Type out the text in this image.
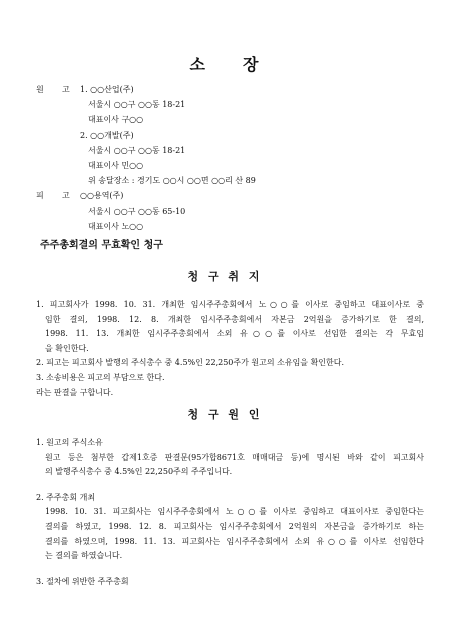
소 장
원 고	1. ○○산업(주)
서울시 ○○구 ○○동 18-21
대표이사 구○○
2. ○○개발(주)
서울시 ○○구 ○○동 18-21
대표이사 민○○
위 송달장소 : 경기도 ○○시 ○○면 ○○리 산 89
피 고	○○용역(주)
서울시 ○○구 ○○동 65-10
대표이사 노○○
주주총회결의 무효확인 청구
청 구 취 지
1. 피고회사가 1998. 10. 31. 개최한 임시주주총회에서 노○○를 이사로 중임하고 대표이사로 중
임한 결의, 1998. 12. 8. 개최한 임시주주총회에서 자본금 2억원을 증가하기로 한 결의,
1998. 11. 13. 개최한 임시주주총회에서 소외 유○○를 이사로 선임한 결의는 각 무효임
을 확인한다.
2. 피고는 피고회사 발행의 주식총수 중 4.5%인 22,250주가 원고의 소유임을 확인한다.
3. 소송비용은 피고의 부담으로 한다.
라는 판결을 구합니다.
청 구 원 인
1. 원고의 주식소유
원고 등은 첨부한 갑제1호증 판결문(95가합8671호 매매대금 등)에 명시된 바와 같이 피고회사
의 발행주식총수 중 4.5%인 22,250주의 주주입니다.
2. 주주총회 개최
1998. 10. 31. 피고회사는 임시주주총회에서 노○○를 이사로 중임하고 대표이사로 중임한다는
결의를 하였고, 1998. 12. 8. 피고회사는 임시주주총회에서 2억원의 자본금을 증가하기로 하는
결의를 하였으며, 1998. 11. 13. 피고회사는 임시주주총회에서 소외 유○○를 이사로 선임한다
는 결의를 하였습니다.
3. 절차에 위반한 주주총회
